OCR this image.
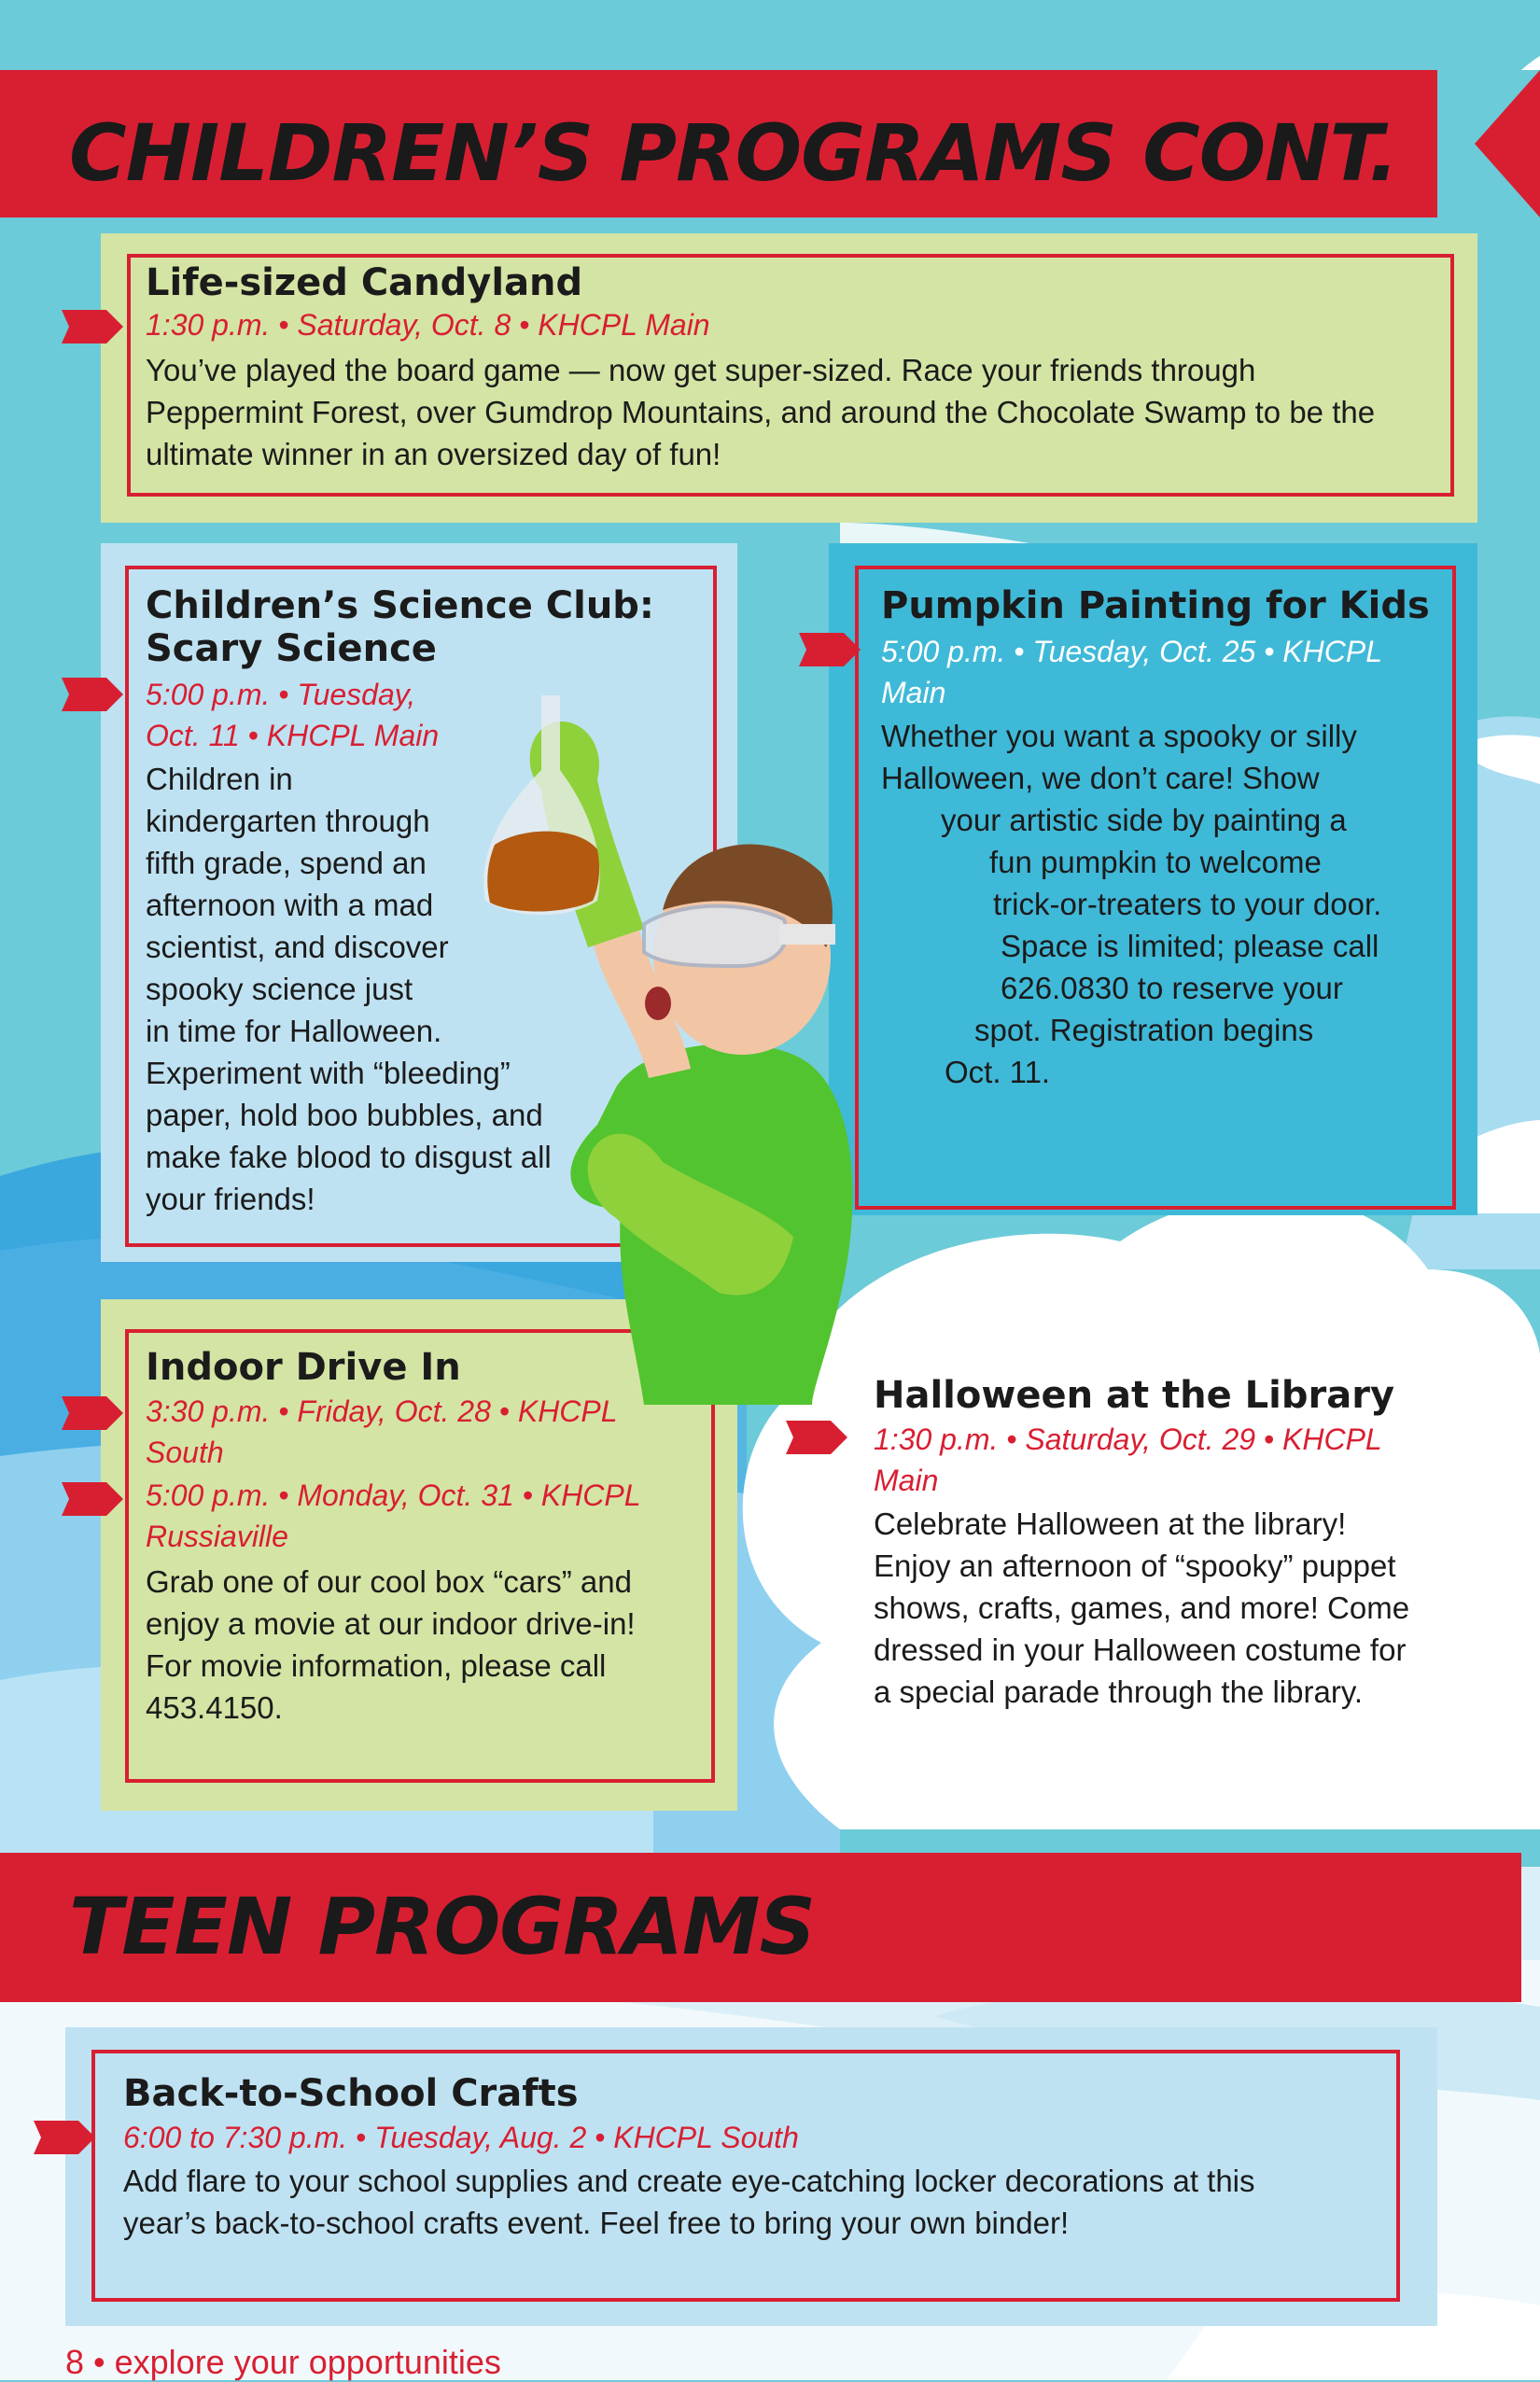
CHILDREN’S PROGRAMS CONT.
Life-sized Candyland
1:30 p.m. • Saturday, Oct. 8 • KHCPL Main
You’ve played the board game — now get super-sized. Race your friends through
Peppermint Forest, over Gumdrop Mountains, and around the Chocolate Swamp to be the
ultimate winner in an oversized day of fun!
Children’s Science Club:
Scary Science
5:00 p.m. • Tuesday,
Oct. 11 • KHCPL Main
Children in
kindergarten through
fifth grade, spend an
afternoon with a mad
scientist, and discover
spooky science just
in time for Halloween.
Experiment with “bleeding”
paper, hold boo bubbles, and
make fake blood to disgust all
your friends!
Pumpkin Painting for Kids
5:00 p.m. • Tuesday, Oct. 25 • KHCPL
Main
Whether you want a spooky or silly
Halloween, we don’t care! Show
your artistic side by painting a
fun pumpkin to welcome
trick-or-treaters to your door.
Space is limited; please call
626.0830 to reserve your
spot. Registration begins
Oct. 11.
Indoor Drive In
3:30 p.m. • Friday, Oct. 28 • KHCPL
South
5:00 p.m. • Monday, Oct. 31 • KHCPL
Russiaville
Grab one of our cool box “cars” and
enjoy a movie at our indoor drive-in!
For movie information, please call
453.4150.
Halloween at the Library
1:30 p.m. • Saturday, Oct. 29 • KHCPL
Main
Celebrate Halloween at the library!
Enjoy an afternoon of “spooky” puppet
shows, crafts, games, and more! Come
dressed in your Halloween costume for
a special parade through the library.
TEEN PROGRAMS
Back-to-School Crafts
6:00 to 7:30 p.m. • Tuesday, Aug. 2 • KHCPL South
Add flare to your school supplies and create eye-catching locker decorations at this
year’s back-to-school crafts event. Feel free to bring your own binder!
8 • explore your opportunities
